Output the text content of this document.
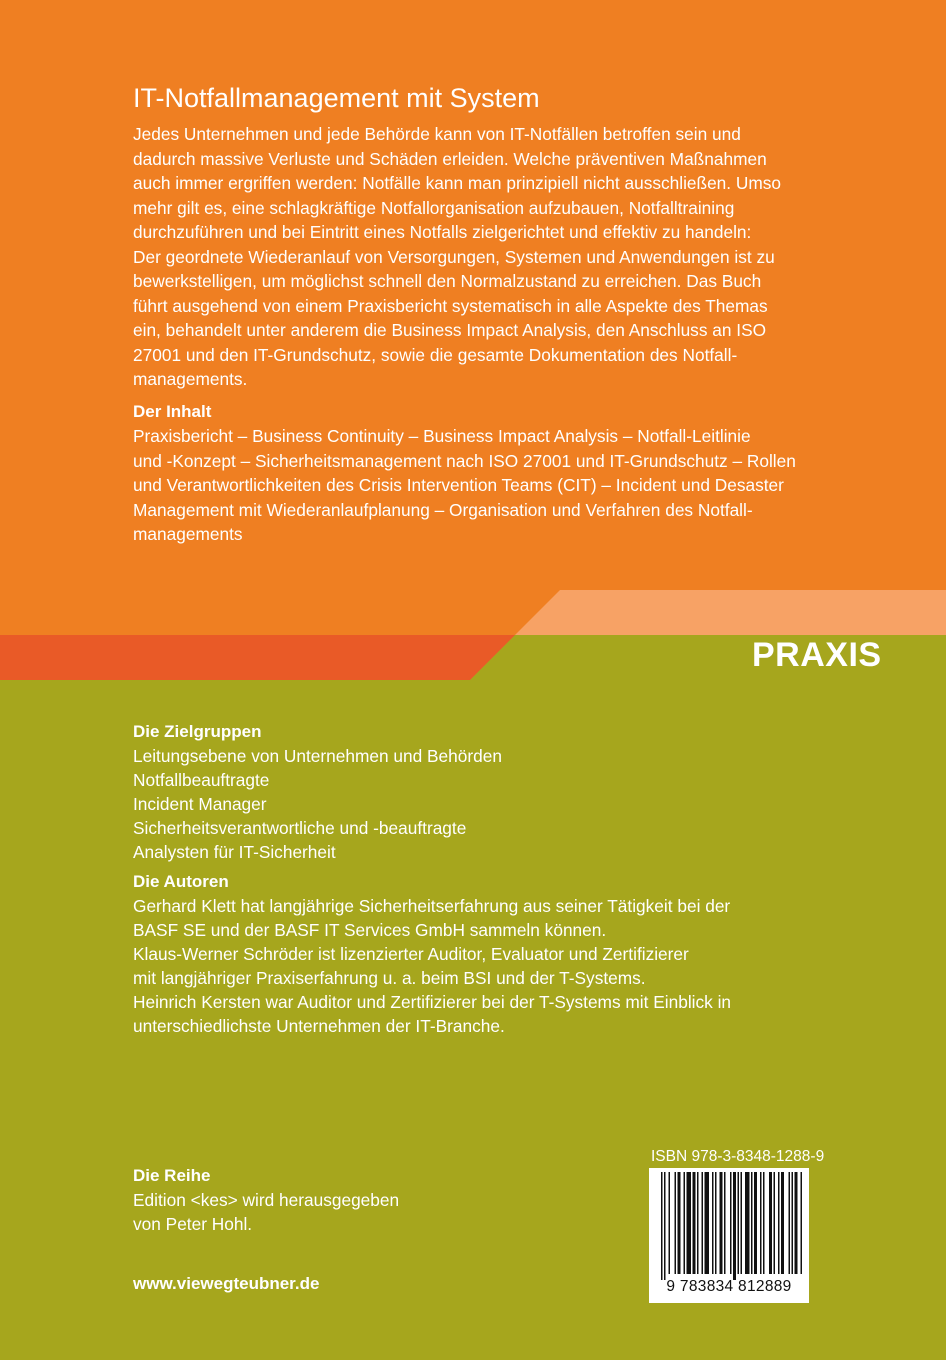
PRAXIS
IT-Notfallmanagement mit System
Jedes Unternehmen und jede Behörde kann von IT-Notfällen betroffen sein und
dadurch massive Verluste und Schäden erleiden. Welche präventiven Maßnahmen
auch immer ergriffen werden: Notfälle kann man prinzipiell nicht ausschließen. Umso
mehr gilt es, eine schlagkräftige Notfallorganisation aufzubauen, Notfalltraining
durchzuführen und bei Eintritt eines Notfalls zielgerichtet und effektiv zu handeln:
Der geordnete Wiederanlauf von Versorgungen, Systemen und Anwendungen ist zu
bewerkstelligen, um möglichst schnell den Normalzustand zu erreichen. Das Buch
führt ausgehend von einem Praxisbericht systematisch in alle Aspekte des Themas
ein, behandelt unter anderem die Business Impact Analysis, den Anschluss an ISO
27001 und den IT-Grundschutz, sowie die gesamte Dokumentation des Notfall-
managements.
Der Inhalt
Praxisbericht – Business Continuity – Business Impact Analysis – Notfall-Leitlinie
und -Konzept – Sicherheitsmanagement nach ISO 27001 und IT-Grundschutz – Rollen
und Verantwortlichkeiten des Crisis Intervention Teams (CIT) – Incident und Desaster
Management mit Wiederanlaufplanung – Organisation und Verfahren des Notfall-
managements
Die Zielgruppen
Leitungsebene von Unternehmen und Behörden
Notfallbeauftragte
Incident Manager
Sicherheitsverantwortliche und -beauftragte
Analysten für IT-Sicherheit
Die Autoren
Gerhard Klett hat langjährige Sicherheitserfahrung aus seiner Tätigkeit bei der
BASF SE und der BASF IT Services GmbH sammeln können.
Klaus-Werner Schröder ist lizenzierter Auditor, Evaluator und Zertifizierer
mit langjähriger Praxiserfahrung u. a. beim BSI und der T-Systems.
Heinrich Kersten war Auditor und Zertifizierer bei der T-Systems mit Einblick in
unterschiedlichste Unternehmen der IT-Branche.
Die Reihe
Edition <kes> wird herausgegeben
von Peter Hohl.
www.viewegteubner.de
ISBN 978-3-8348-1288-9
9 783834 812889
